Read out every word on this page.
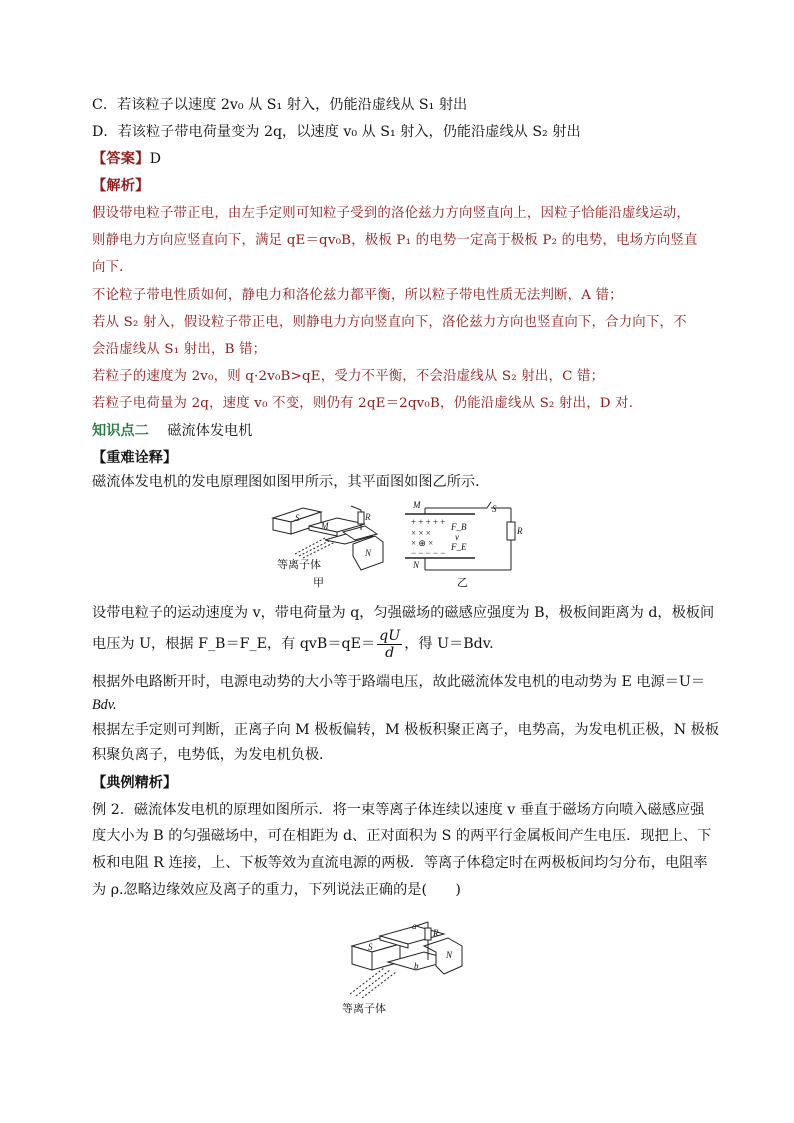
C．若该粒子以速度 2v₀ 从 S₁ 射入，仍能沿虚线从 S₁ 射出
D．若该粒子带电荷量变为 2q，以速度 v₀ 从 S₁ 射入，仍能沿虚线从 S₂ 射出
【答案】D
【解析】
假设带电粒子带正电，由左手定则可知粒子受到的洛伦兹力方向竖直向上，因粒子恰能沿虚线运动，
则静电力方向应竖直向下，满足 qE＝qv₀B，极板 P₁ 的电势一定高于极板 P₂ 的电势，电场方向竖直
向下．
不论粒子带电性质如何，静电力和洛伦兹力都平衡，所以粒子带电性质无法判断，A 错；
若从 S₂ 射入，假设粒子带正电，则静电力方向竖直向下，洛伦兹力方向也竖直向下，合力向下，不
会沿虚线从 S₁ 射出，B 错；
若粒子的速度为 2v₀，则 q·2v₀B>qE，受力不平衡，不会沿虚线从 S₂ 射出，C 错；
若粒子电荷量为 2q，速度 v₀ 不变，则仍有 2qE＝2qv₀B，仍能沿虚线从 S₂ 射出，D 对．
知识点二 磁流体发电机
【重难诠释】
磁流体发电机的发电原理图如图甲所示，其平面图如图乙所示．
S
M
N
R
等离子体
甲
M
N
S
R
+ + + + +
− − − − −
× × ×
× ⊕ ×
F_B
v
F_E
乙
设带电粒子的运动速度为 v，带电荷量为 q，匀强磁场的磁感应强度为 B，极板间距离为 d，极板间
电压为 U，根据 F_B＝F_E，有 $qvB=qE= \frac{qU}{d}$ ，得 U＝Bdv.
根据外电路断开时，电源电动势的大小等于路端电压，故此磁流体发电机的电动势为 E 电源＝U＝
Bdv.
根据左手定则可判断，正离子向 M 极板偏转，M 极板积聚正离子，电势高，为发电机正极，N 极板
积聚负离子，电势低，为发电机负极．
【典例精析】
例 2．磁流体发电机的原理如图所示．将一束等离子体连续以速度 v 垂直于磁场方向喷入磁感应强
度大小为 B 的匀强磁场中，可在相距为 d、正对面积为 S 的两平行金属板间产生电压．现把上、下
板和电阻 R 连接，上、下板等效为直流电源的两极．等离子体稳定时在两极板间均匀分布，电阻率
为 ρ.忽略边缘效应及离子的重力，下列说法正确的是(　　)
S
N
a
b
R
等离子体
